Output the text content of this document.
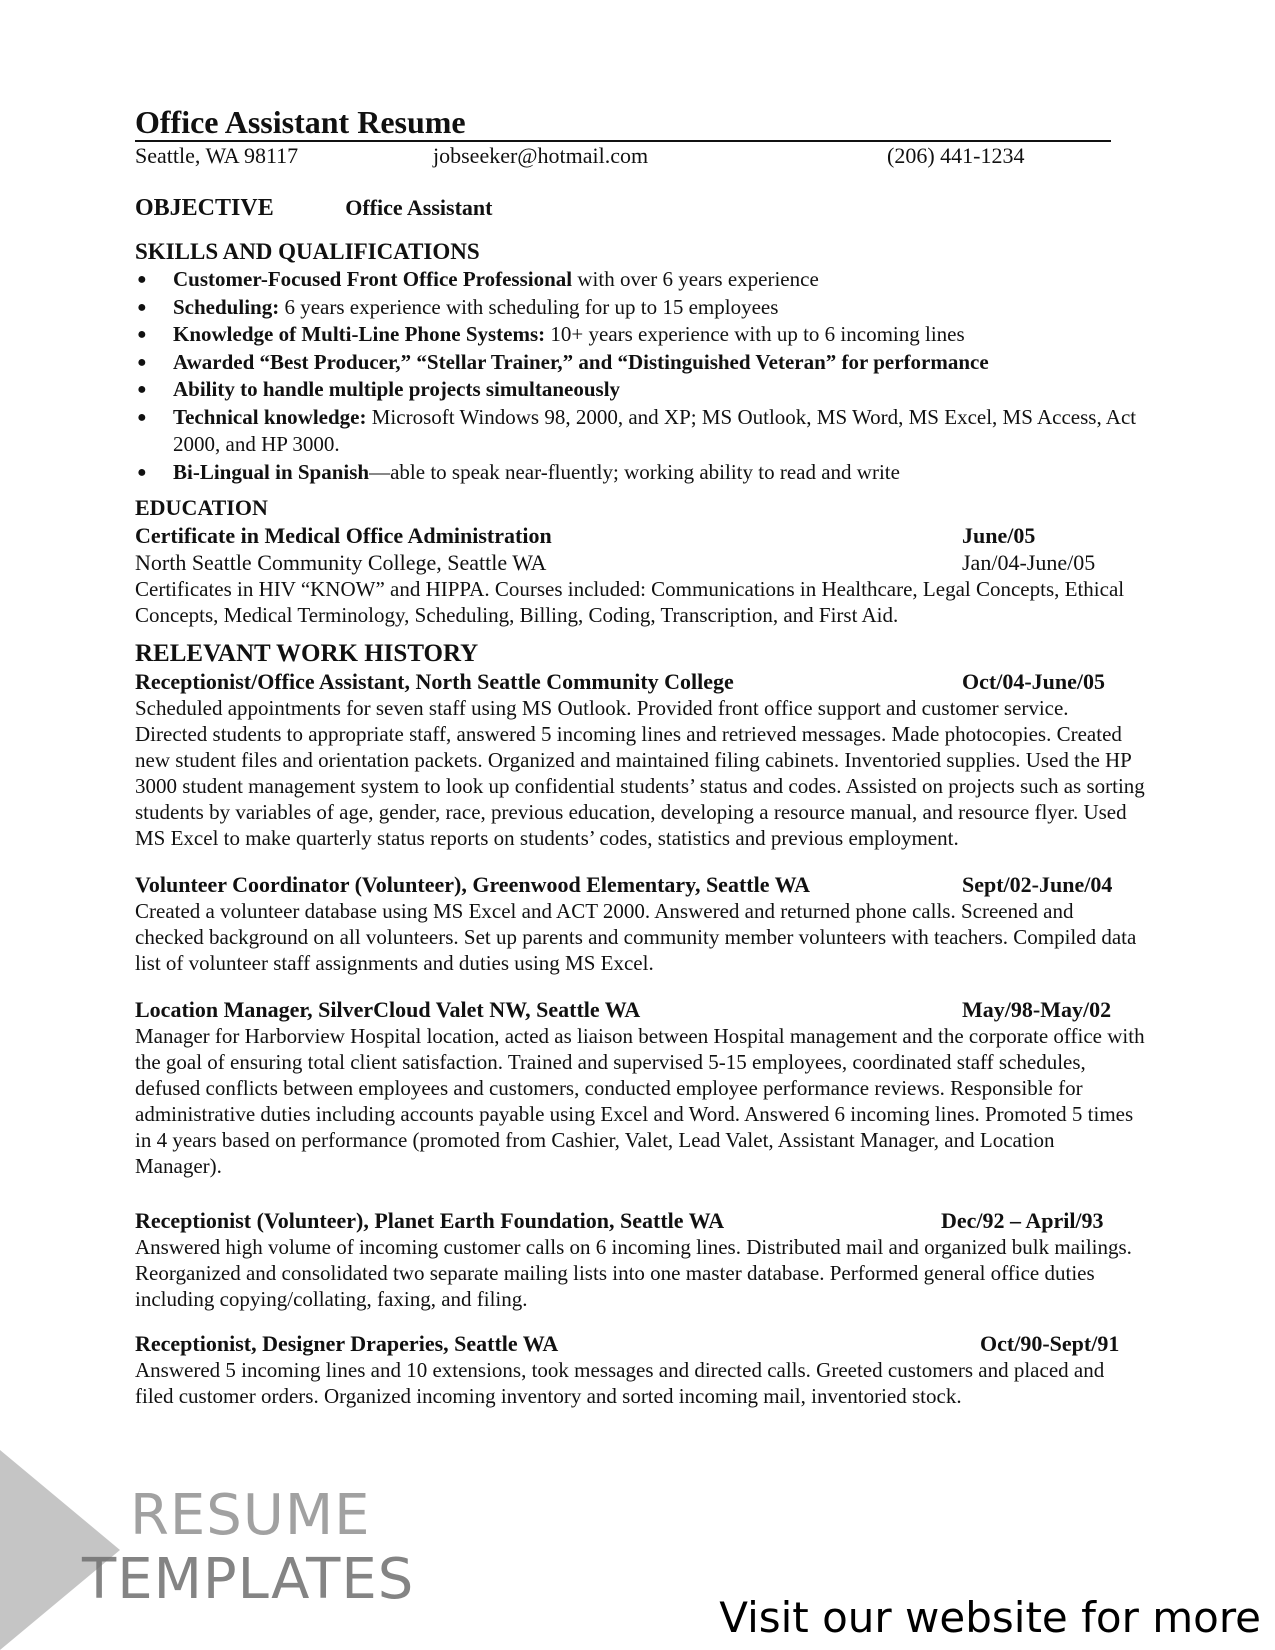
Office Assistant Resume
Seattle, WA 98117	jobseeker@hotmail.com	(206) 441-1234
OBJECTIVE	Office Assistant
SKILLS AND QUALIFICATIONS
● Customer-Focused Front Office Professional with over 6 years experience
● Scheduling: 6 years experience with scheduling for up to 15 employees
● Knowledge of Multi-Line Phone Systems: 10+ years experience with up to 6 incoming lines
● Awarded “Best Producer,” “Stellar Trainer,” and “Distinguished Veteran” for performance
● Ability to handle multiple projects simultaneously
● Technical knowledge: Microsoft Windows 98, 2000, and XP; MS Outlook, MS Word, MS Excel, MS Access, Act 2000, and HP 3000.
● Bi-Lingual in Spanish—able to speak near-fluently; working ability to read and write
EDUCATION
Certificate in Medical Office Administration	June/05
North Seattle Community College, Seattle WA	Jan/04-June/05
Certificates in HIV “KNOW” and HIPPA. Courses included: Communications in Healthcare, Legal Concepts, Ethical Concepts, Medical Terminology, Scheduling, Billing, Coding, Transcription, and First Aid.
RELEVANT WORK HISTORY
Receptionist/Office Assistant, North Seattle Community College	Oct/04-June/05
Scheduled appointments for seven staff using MS Outlook. Provided front office support and customer service. Directed students to appropriate staff, answered 5 incoming lines and retrieved messages. Made photocopies. Created new student files and orientation packets. Organized and maintained filing cabinets. Inventoried supplies. Used the HP 3000 student management system to look up confidential students’ status and codes. Assisted on projects such as sorting students by variables of age, gender, race, previous education, developing a resource manual, and resource flyer. Used MS Excel to make quarterly status reports on students’ codes, statistics and previous employment.
Volunteer Coordinator (Volunteer), Greenwood Elementary, Seattle WA	Sept/02-June/04
Created a volunteer database using MS Excel and ACT 2000. Answered and returned phone calls. Screened and checked background on all volunteers. Set up parents and community member volunteers with teachers. Compiled data list of volunteer staff assignments and duties using MS Excel.
Location Manager, SilverCloud Valet NW, Seattle WA	May/98-May/02
Manager for Harborview Hospital location, acted as liaison between Hospital management and the corporate office with the goal of ensuring total client satisfaction. Trained and supervised 5-15 employees, coordinated staff schedules, defused conflicts between employees and customers, conducted employee performance reviews. Responsible for administrative duties including accounts payable using Excel and Word. Answered 6 incoming lines. Promoted 5 times in 4 years based on performance (promoted from Cashier, Valet, Lead Valet, Assistant Manager, and Location Manager).
Receptionist (Volunteer), Planet Earth Foundation, Seattle WA	Dec/92 – April/93
Answered high volume of incoming customer calls on 6 incoming lines. Distributed mail and organized bulk mailings. Reorganized and consolidated two separate mailing lists into one master database. Performed general office duties including copying/collating, faxing, and filing.
Receptionist, Designer Draperies, Seattle WA	Oct/90-Sept/91
Answered 5 incoming lines and 10 extensions, took messages and directed calls. Greeted customers and placed and filed customer orders. Organized incoming inventory and sorted incoming mail, inventoried stock.
RESUME
TEMPLATES
Visit our website for more
